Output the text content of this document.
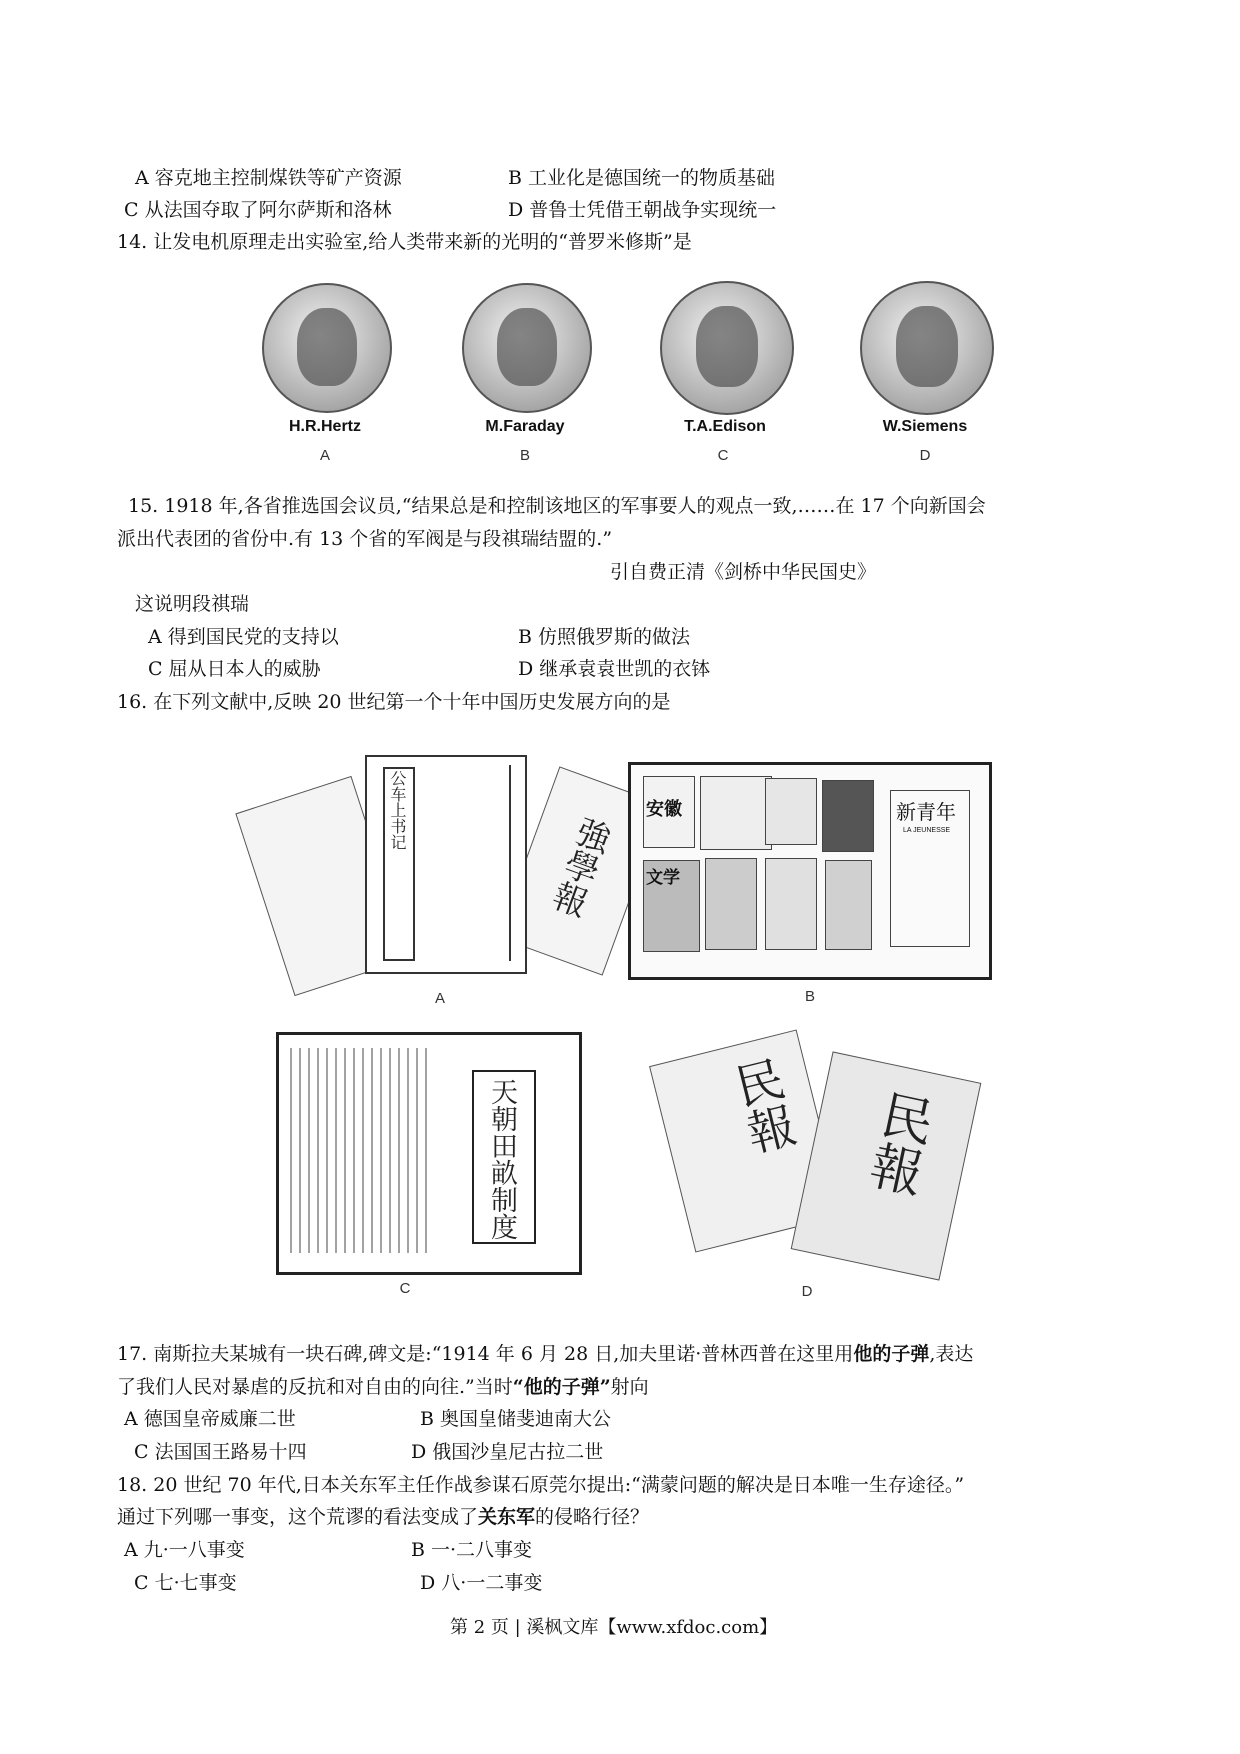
A 容克地主控制煤铁等矿产资源	B 工业化是德国统一的物质基础
C 从法国夺取了阿尔萨斯和洛林	D 普鲁士凭借王朝战争实现统一
14. 让发电机原理走出实验室,给人类带来新的光明的“普罗米修斯”是
H.R.Hertz	M.Faraday	T.A.Edison	W.Siemens
A	B	C	D
15. 1918 年,各省推选国会议员,“结果总是和控制该地区的军事要人的观点一致,……在 17 个向新国会
派出代表团的省份中.有 13 个省的军阀是与段祺瑞结盟的.”
引自费正清《剑桥中华民国史》
这说明段祺瑞
A 得到国民党的支持以	B 仿照俄罗斯的做法
C 屈从日本人的威胁	D 继承袁袁世凯的衣钵
16. 在下列文献中,反映 20 世纪第一个十年中国历史发展方向的是
強學報
公车上书记
A
安徽
文学
新青年
LA JEUNESSE
B
天朝田畝制度
C
民報 民報
D
17. 南斯拉夫某城有一块石碑,碑文是:“1914 年 6 月 28 日,加夫里诺·普林西普在这里用他的子弹,表达
了我们人民对暴虐的反抗和对自由的向往.”当时“他的子弹”射向
A 德国皇帝威廉二世	B 奥国皇储斐迪南大公
C 法国国王路易十四	D 俄国沙皇尼古拉二世
18. 20 世纪 70 年代,日本关东军主任作战参谋石原莞尔提出:“满蒙问题的解决是日本唯一生存途径。”
通过下列哪一事变，这个荒谬的看法变成了关东军的侵略行径？
A 九·一八事变	B 一·二八事变
C 七·七事变	D 八·一二事变
第 2 页 | 溪枫文库【www.xfdoc.com】
